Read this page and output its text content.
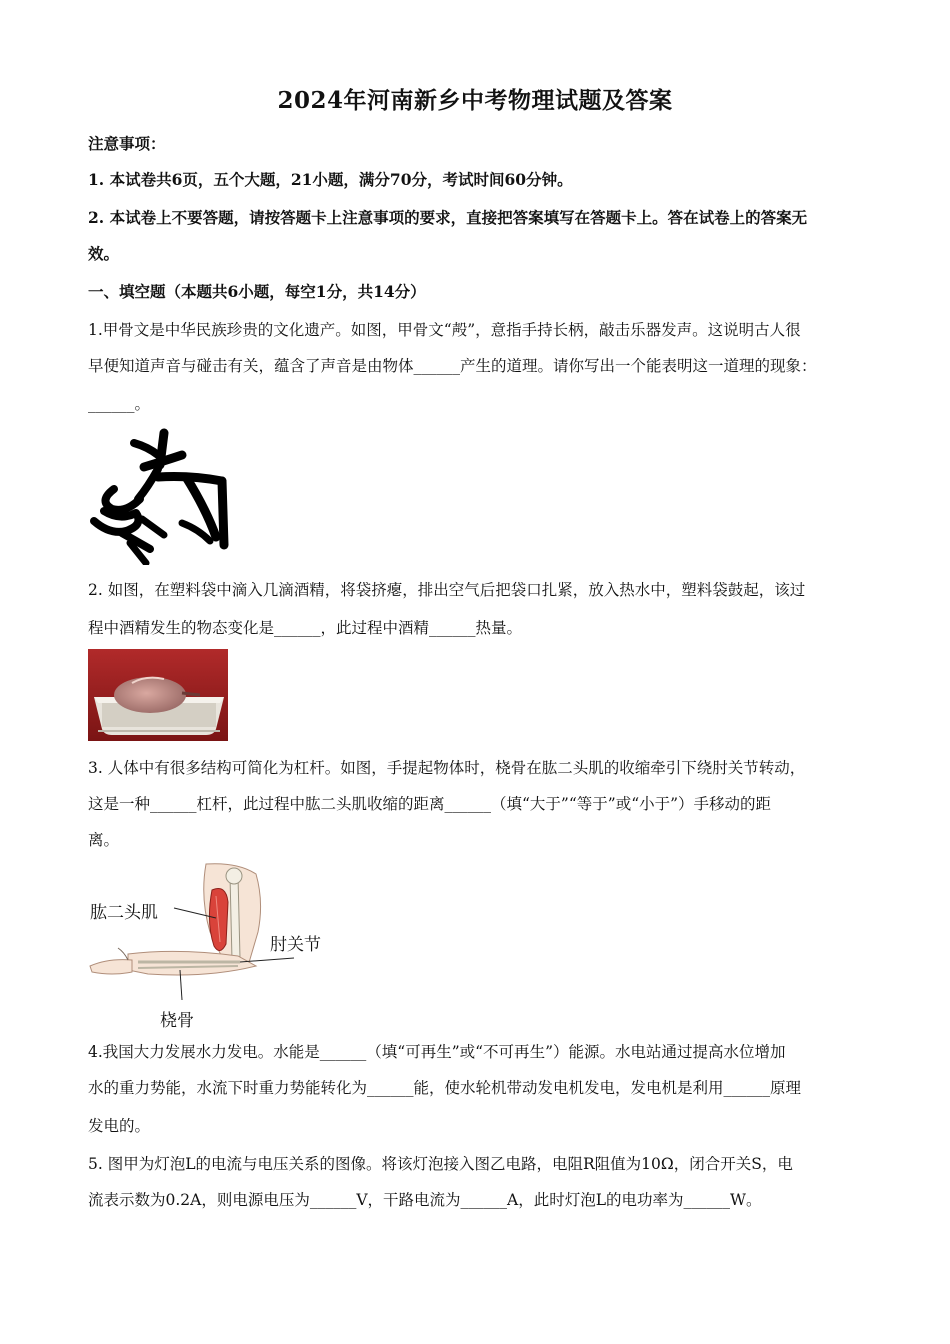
2024年河南新乡中考物理试题及答案
注意事项：
1. 本试卷共6页，五个大题，21小题，满分70分，考试时间60分钟。
2. 本试卷上不要答题，请按答题卡上注意事项的要求，直接把答案填写在答题卡上。答在试卷上的答案无
效。
一、填空题（本题共6小题，每空1分，共14分）
1.甲骨文是中华民族珍贵的文化遗产。如图，甲骨文“殸”，意指手持长柄，敲击乐器发声。这说明古人很
早便知道声音与碰击有关，蕴含了声音是由物体______产生的道理。请你写出一个能表明这一道理的现象：
______。
2. 如图，在塑料袋中滴入几滴酒精，将袋挤瘪，排出空气后把袋口扎紧，放入热水中，塑料袋鼓起，该过
程中酒精发生的物态变化是______，此过程中酒精______热量。
3. 人体中有很多结构可简化为杠杆。如图，手提起物体时，桡骨在肱二头肌的收缩牵引下绕肘关节转动，
这是一种______杠杆，此过程中肱二头肌收缩的距离______（填“大于”“等于”或“小于”）手移动的距
离。
肱二头肌
肘关节
桡骨
4.我国大力发展水力发电。水能是______（填“可再生”或“不可再生”）能源。水电站通过提高水位增加
水的重力势能，水流下时重力势能转化为______能，使水轮机带动发电机发电，发电机是利用______原理
发电的。
5. 图甲为灯泡L的电流与电压关系的图像。将该灯泡接入图乙电路，电阻R阻值为10Ω，闭合开关S，电
流表示数为0.2A，则电源电压为______V，干路电流为______A，此时灯泡L的电功率为______W。
